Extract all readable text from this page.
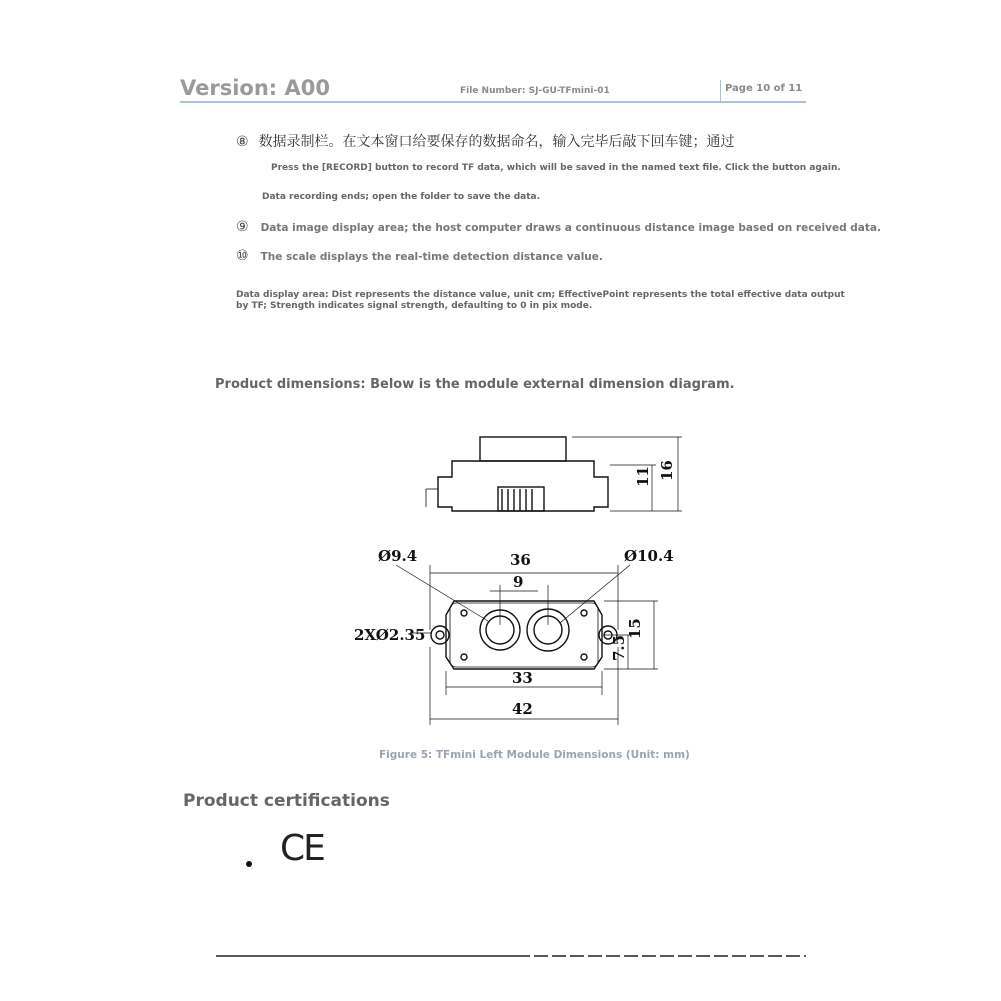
Version: A00	File Number: SJ-GU-TFmini-01	Page 10 of 11
⑧ 数据录制栏。在文本窗口给要保存的数据命名，输入完毕后敲下回车键；通过
Press the [RECORD] button to record TF data, which will be saved in the named text file. Click the button again.
Data recording ends; open the folder to save the data.
⑨ Data image display area; the host computer draws a continuous distance image based on received data.
⑩ The scale displays the real-time detection distance value.
Data display area: Dist represents the distance value, unit cm; EffectivePoint represents the total effective data output by TF; Strength indicates signal strength, defaulting to 0 in pix mode.
Product dimensions: Below is the module external dimension diagram.
Ø9.4	Ø10.4
36
9
2XØ2.35
33
42
15
7.5
11 16
Figure 5: TFmini Left Module Dimensions (Unit: mm)
Product certifications
CE
